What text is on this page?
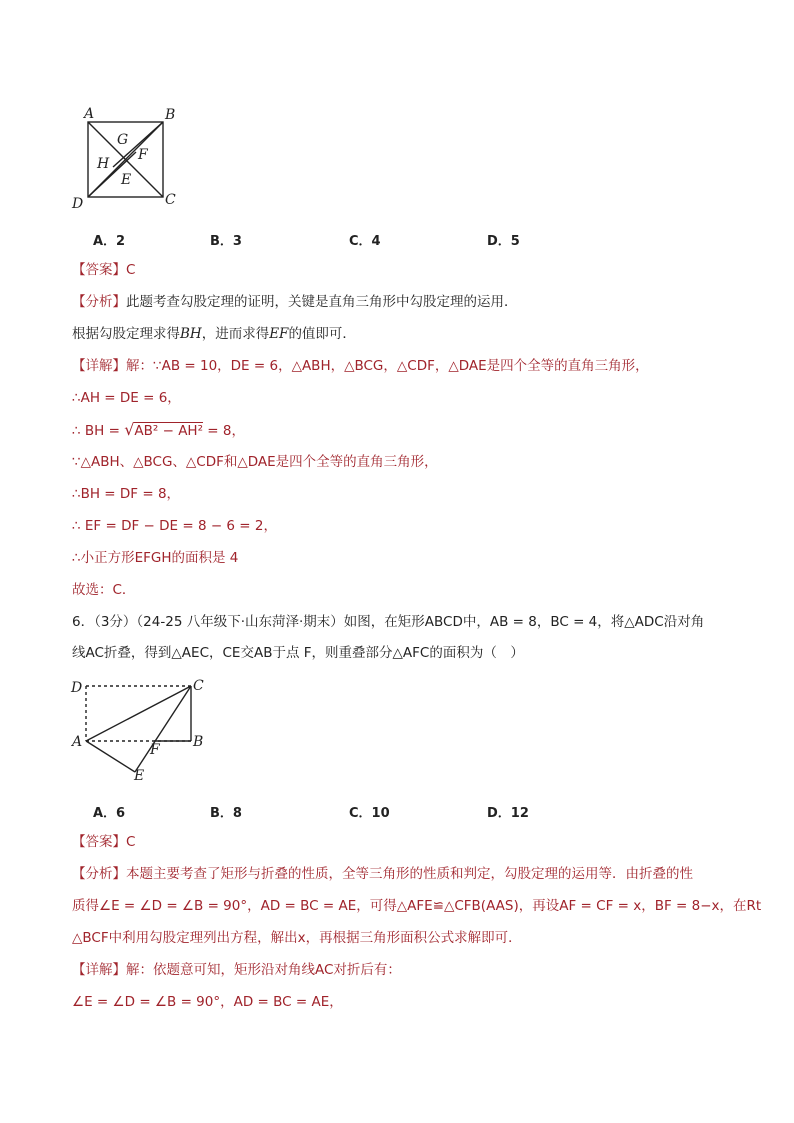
A	B
C
D
G
H
F
E
A．2	B．3	C．4	D．5
【答案】C
【分析】此题考查勾股定理的证明，关键是直角三角形中勾股定理的运用．
根据勾股定理求得BH，进而求得EF的值即可．
【详解】解：∵AB = 10，DE = 6，△ABH，△BCG，△CDF，△DAE是四个全等的直角三角形，
∴AH = DE = 6，
∴ BH = √AB² − AH² = 8，
∵△ABH、△BCG、△CDF和△DAE是四个全等的直角三角形，
∴BH = DF = 8，
∴ EF = DF − DE = 8 − 6 = 2，
∴小正方形EFGH的面积是 4
故选：C．
6．（3分）（24-25 八年级下·山东菏泽·期末）如图，在矩形ABCD中，AB = 8，BC = 4，将△ADC沿对角
线AC折叠，得到△AEC，CE交AB于点 F，则重叠部分△AFC的面积为（　）
D	C
A	B
F
E
A．6	B．8	C．10	D．12
【答案】C
【分析】本题主要考查了矩形与折叠的性质，全等三角形的性质和判定，勾股定理的运用等．由折叠的性
质得∠E = ∠D = ∠B = 90°，AD = BC = AE，可得△AFE≌△CFB(AAS)，再设AF = CF = x，BF = 8−x，在Rt
△BCF中利用勾股定理列出方程，解出x，再根据三角形面积公式求解即可．
【详解】解：依题意可知，矩形沿对角线AC对折后有：
∠E = ∠D = ∠B = 90°，AD = BC = AE，
